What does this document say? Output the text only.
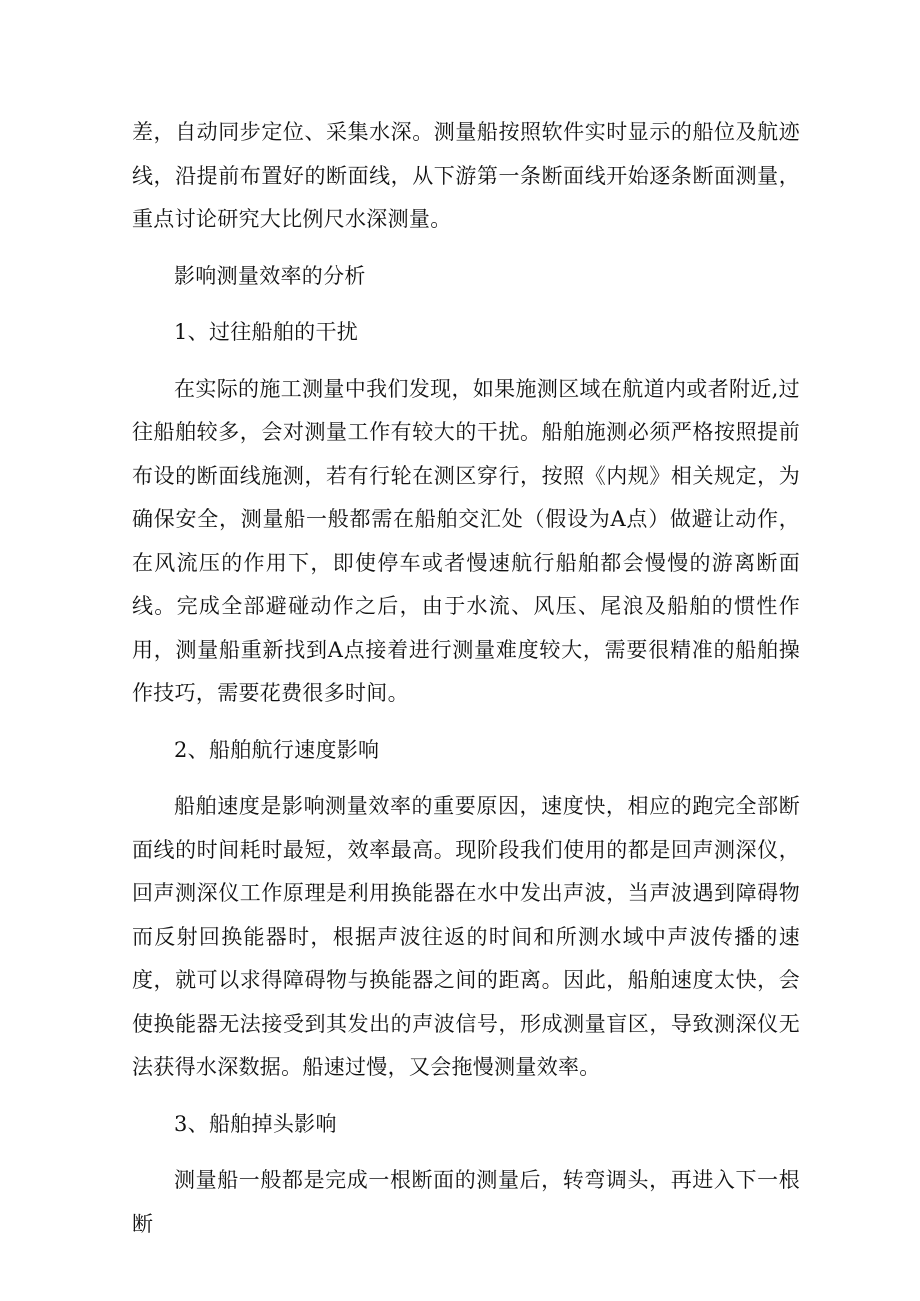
差，自动同步定位、采集水深。测量船按照软件实时显示的船位及航迹线，沿提前布置好的断面线，从下游第一条断面线开始逐条断面测量，重点讨论研究大比例尺水深测量。

影响测量效率的分析

1、过往船舶的干扰

在实际的施工测量中我们发现，如果施测区域在航道内或者附近,过往船舶较多，会对测量工作有较大的干扰。船舶施测必须严格按照提前布设的断面线施测，若有行轮在测区穿行，按照《内规》相关规定，为确保安全，测量船一般都需在船舶交汇处（假设为A点）做避让动作，在风流压的作用下，即使停车或者慢速航行船舶都会慢慢的游离断面线。完成全部避碰动作之后，由于水流、风压、尾浪及船舶的惯性作用，测量船重新找到A点接着进行测量难度较大，需要很精准的船舶操作技巧，需要花费很多时间。

2、船舶航行速度影响

船舶速度是影响测量效率的重要原因，速度快，相应的跑完全部断面线的时间耗时最短，效率最高。现阶段我们使用的都是回声测深仪，回声测深仪工作原理是利用换能器在水中发出声波，当声波遇到障碍物而反射回换能器时，根据声波往返的时间和所测水域中声波传播的速度，就可以求得障碍物与换能器之间的距离。因此，船舶速度太快，会使换能器无法接受到其发出的声波信号，形成测量盲区，导致测深仪无法获得水深数据。船速过慢，又会拖慢测量效率。

3、船舶掉头影响

测量船一般都是完成一根断面的测量后，转弯调头，再进入下一根断
